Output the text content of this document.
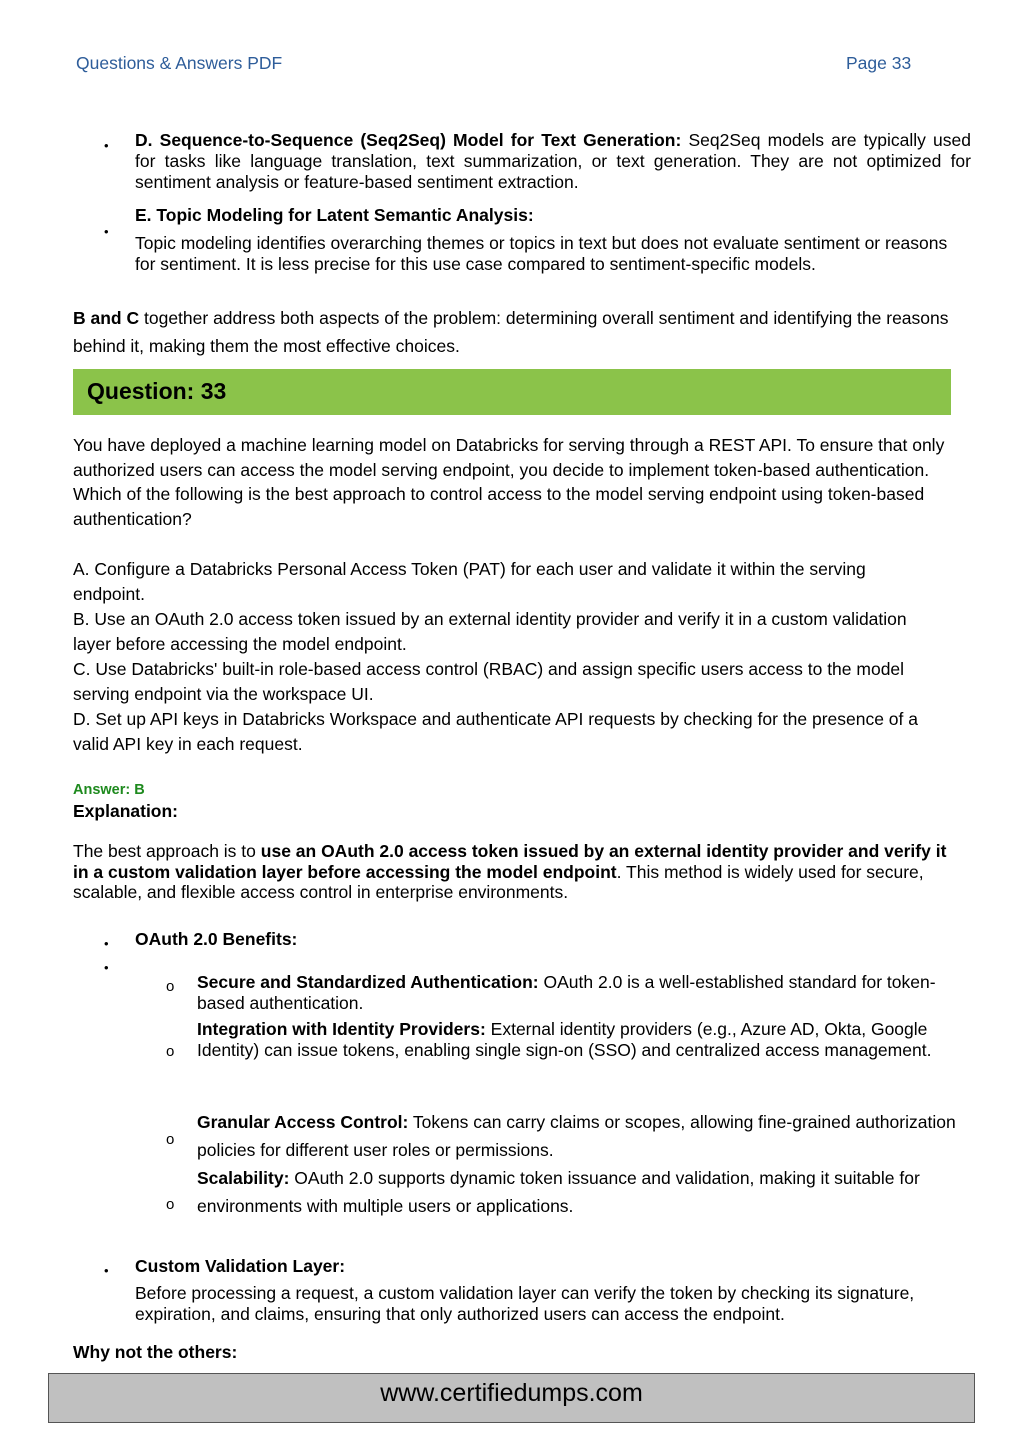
Questions & Answers PDF	Page 33
• D. Sequence-to-Sequence (Seq2Seq) Model for Text Generation: Seq2Seq models are typically used for tasks like language translation, text summarization, or text generation. They are not optimized for sentiment analysis or feature-based sentiment extraction.
•
E. Topic Modeling for Latent Semantic Analysis:
Topic modeling identifies overarching themes or topics in text but does not evaluate sentiment or reasons for sentiment. It is less precise for this use case compared to sentiment-specific models.
B and C together address both aspects of the problem: determining overall sentiment and identifying the reasons behind it, making them the most effective choices.
Question: 33
You have deployed a machine learning model on Databricks for serving through a REST API. To ensure that only authorized users can access the model serving endpoint, you decide to implement token-based authentication. Which of the following is the best approach to control access to the model serving endpoint using token-based authentication?
A. Configure a Databricks Personal Access Token (PAT) for each user and validate it within the serving endpoint.
B. Use an OAuth 2.0 access token issued by an external identity provider and verify it in a custom validation layer before accessing the model endpoint.
C. Use Databricks' built-in role-based access control (RBAC) and assign specific users access to the model serving endpoint via the workspace UI.
D. Set up API keys in Databricks Workspace and authenticate API requests by checking for the presence of a valid API key in each request.
Answer: B
Explanation:
The best approach is to use an OAuth 2.0 access token issued by an external identity provider and verify it in a custom validation layer before accessing the model endpoint. This method is widely used for secure, scalable, and flexible access control in enterprise environments.
• OAuth 2.0 Benefits:
•
o Secure and Standardized Authentication: OAuth 2.0 is a well-established standard for token-based authentication.
o
Integration with Identity Providers: External identity providers (e.g., Azure AD, Okta, Google Identity) can issue tokens, enabling single sign-on (SSO) and centralized access management.
o
Granular Access Control: Tokens can carry claims or scopes, allowing fine-grained authorization policies for different user roles or permissions.
o
Scalability: OAuth 2.0 supports dynamic token issuance and validation, making it suitable for environments with multiple users or applications.
• Custom Validation Layer:
Before processing a request, a custom validation layer can verify the token by checking its signature, expiration, and claims, ensuring that only authorized users can access the endpoint.
Why not the others:
www.certifiedumps.com
